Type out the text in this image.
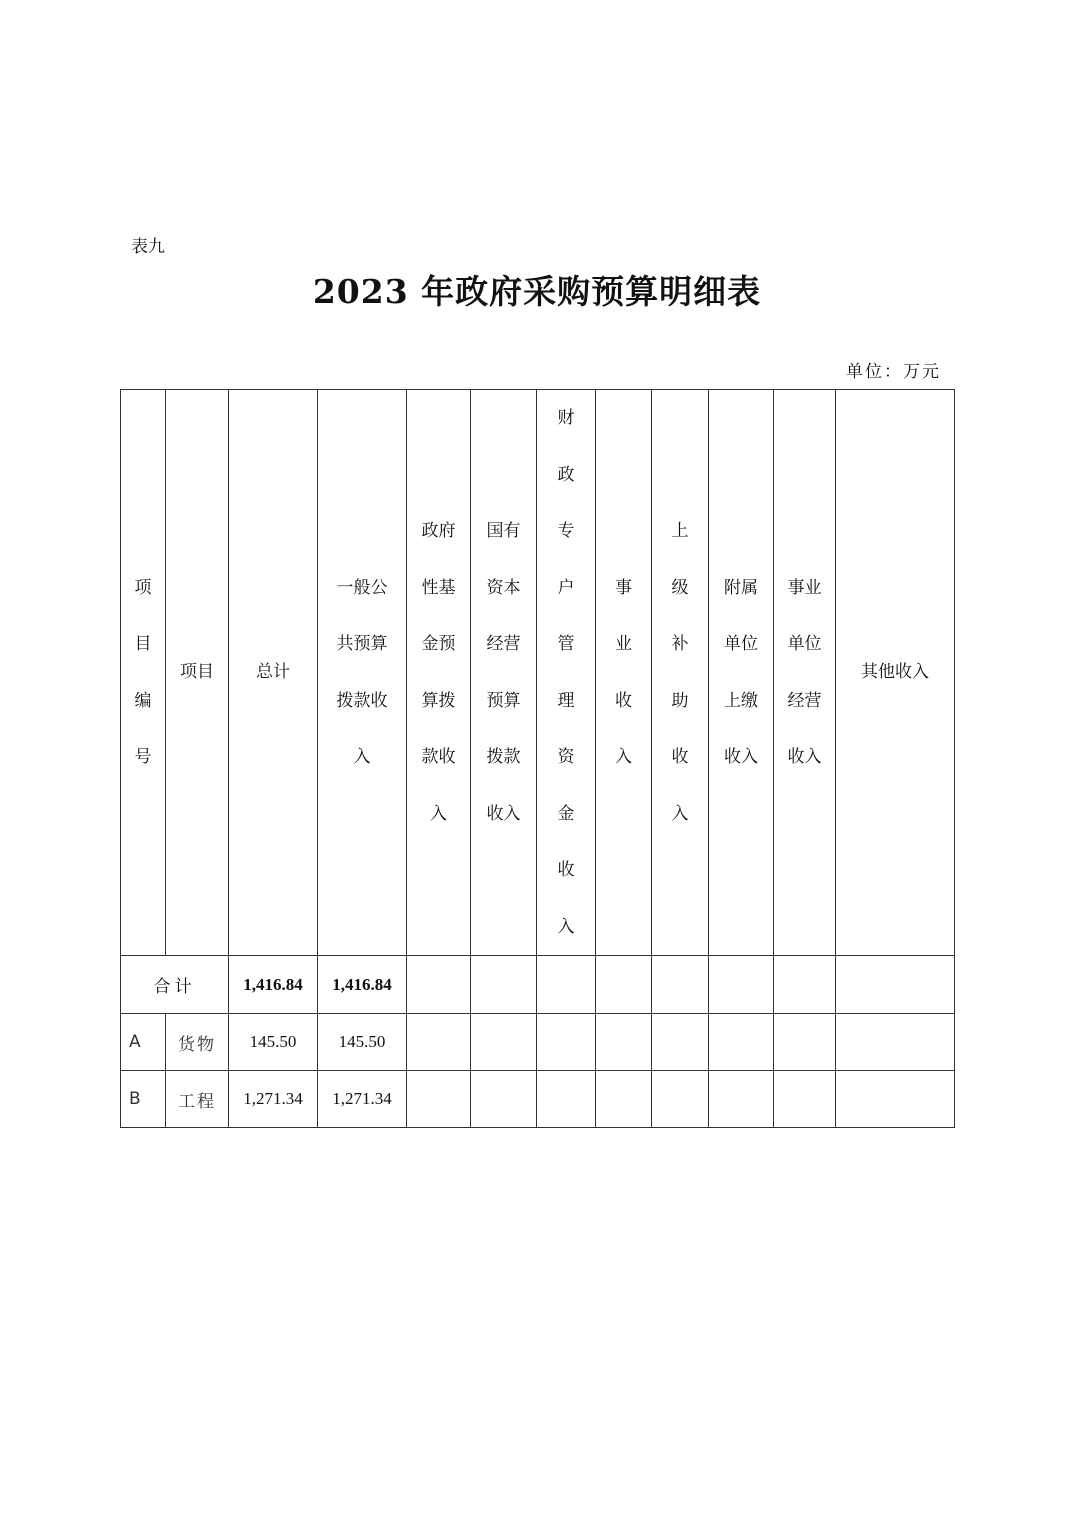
表九
2023 年政府采购预算明细表
单位：万元
项目编号	项目	总计	一般公共预算拨款收入	政府性基金预算拨款收入	国有资本经营预算拨款收入	财政专户管理资金收入	事业收入	上级补助收入	附属单位上缴收入	事业单位经营收入	其他收入
合计		1,416.84	1,416.84								
A	货物	145.50	145.50								
B	工程	1,271.34	1,271.34								
